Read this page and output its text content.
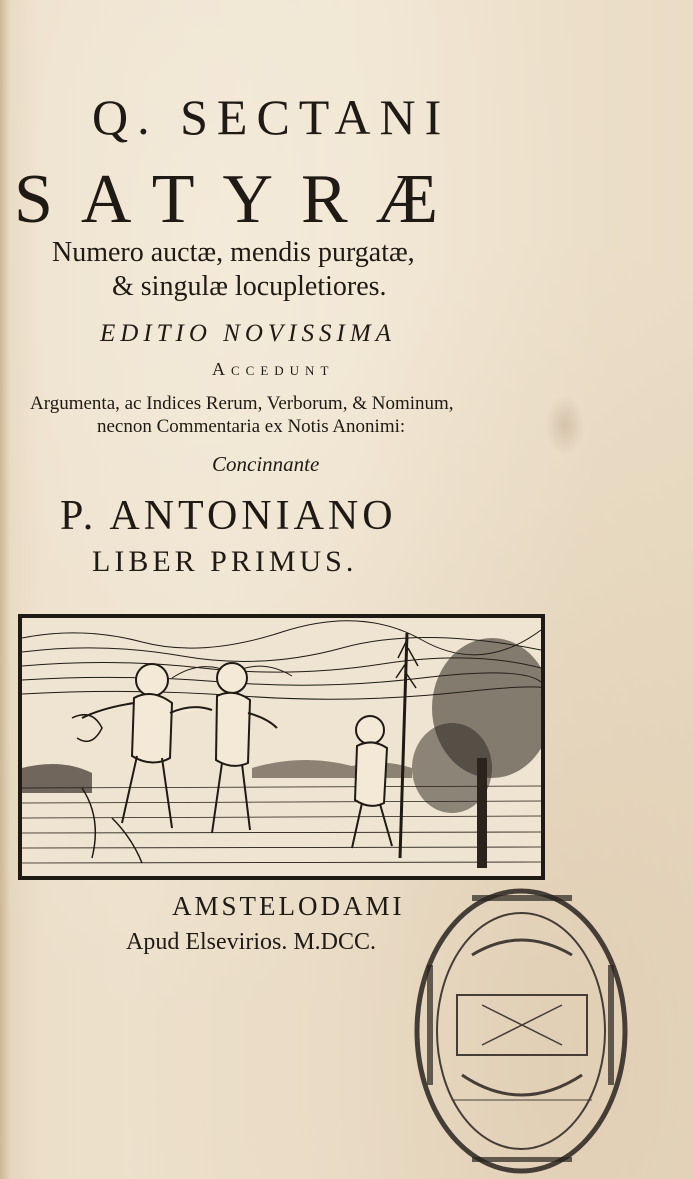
Q. SECTANI
SATYRÆ
Numero auctæ, mendis purgatæ,
& singulæ locupletiores.
EDITIO NOVISSIMA
Accedunt
Argumenta, ac Indices Rerum, Verborum, & Nominum,
necnon Commentaria ex Notis Anonimi:
Concinnante
P. ANTONIANO
LIBER PRIMUS.
AMSTELODAMI
Apud Elsevirios. M.DCC.
